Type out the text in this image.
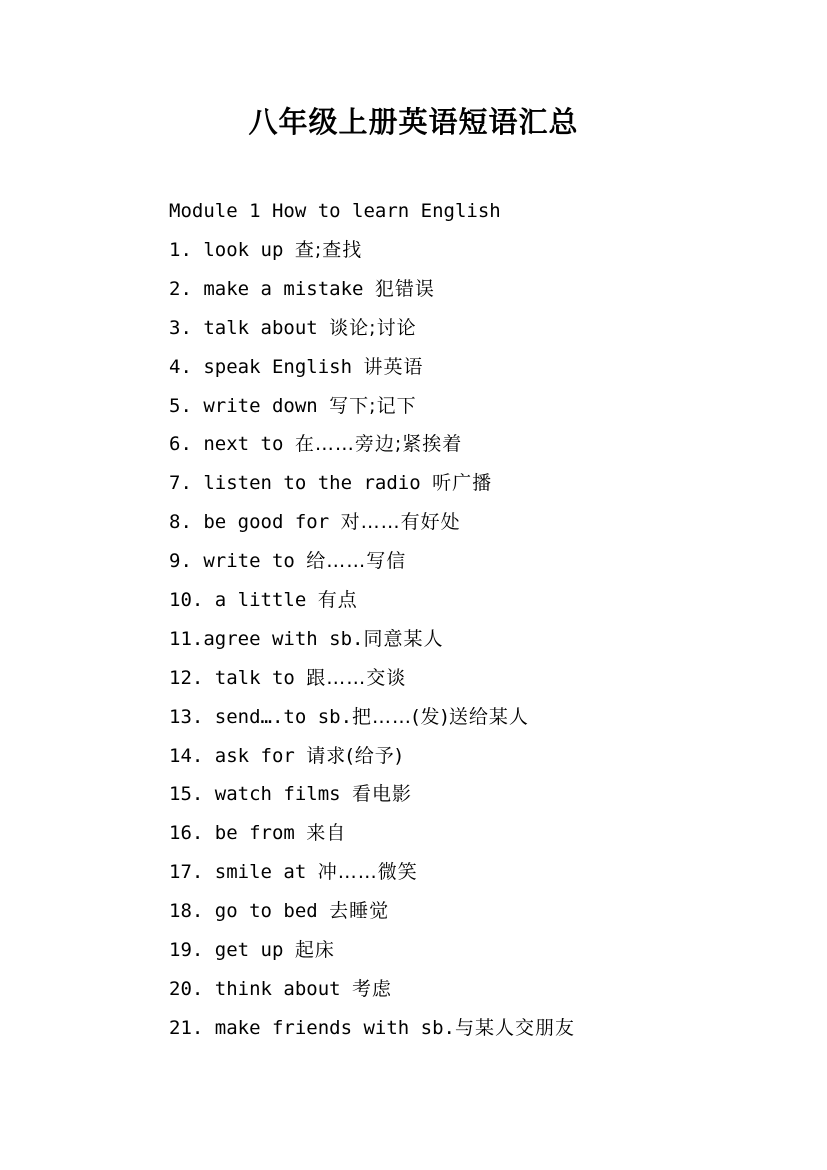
八年级上册英语短语汇总
Module 1 How to learn English
1. look up 查;查找
2. make a mistake 犯错误
3. talk about 谈论;讨论
4. speak English 讲英语
5. write down 写下;记下
6. next to 在……旁边;紧挨着
7. listen to the radio 听广播
8. be good for 对……有好处
9. write to 给……写信
10. a little 有点
11.agree with sb.同意某人
12. talk to 跟……交谈
13. send….to sb.把……(发)送给某人
14. ask for 请求(给予)
15. watch films 看电影
16. be from 来自
17. smile at 冲……微笑
18. go to bed 去睡觉
19. get up 起床
20. think about 考虑
21. make friends with sb.与某人交朋友
